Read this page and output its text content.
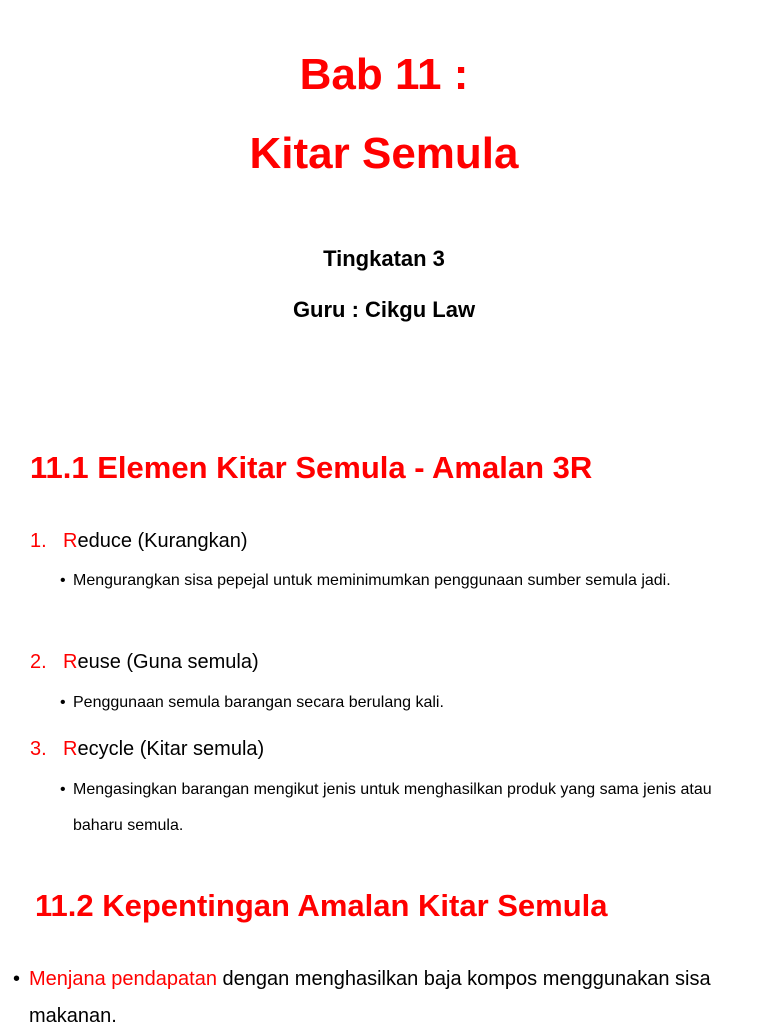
Bab 11 :
Kitar Semula
Tingkatan 3
Guru : Cikgu Law
11.1 Elemen Kitar Semula - Amalan 3R
1. Reduce (Kurangkan)
• Mengurangkan sisa pepejal untuk meminimumkan penggunaan sumber semula jadi.
2. Reuse (Guna semula)
• Penggunaan semula barangan secara berulang kali.
3. Recycle (Kitar semula)
• Mengasingkan barangan mengikut jenis untuk menghasilkan produk yang sama jenis atau baharu semula.
11.2 Kepentingan Amalan Kitar Semula
• Menjana pendapatan dengan menghasilkan baja kompos menggunakan sisa makanan.
